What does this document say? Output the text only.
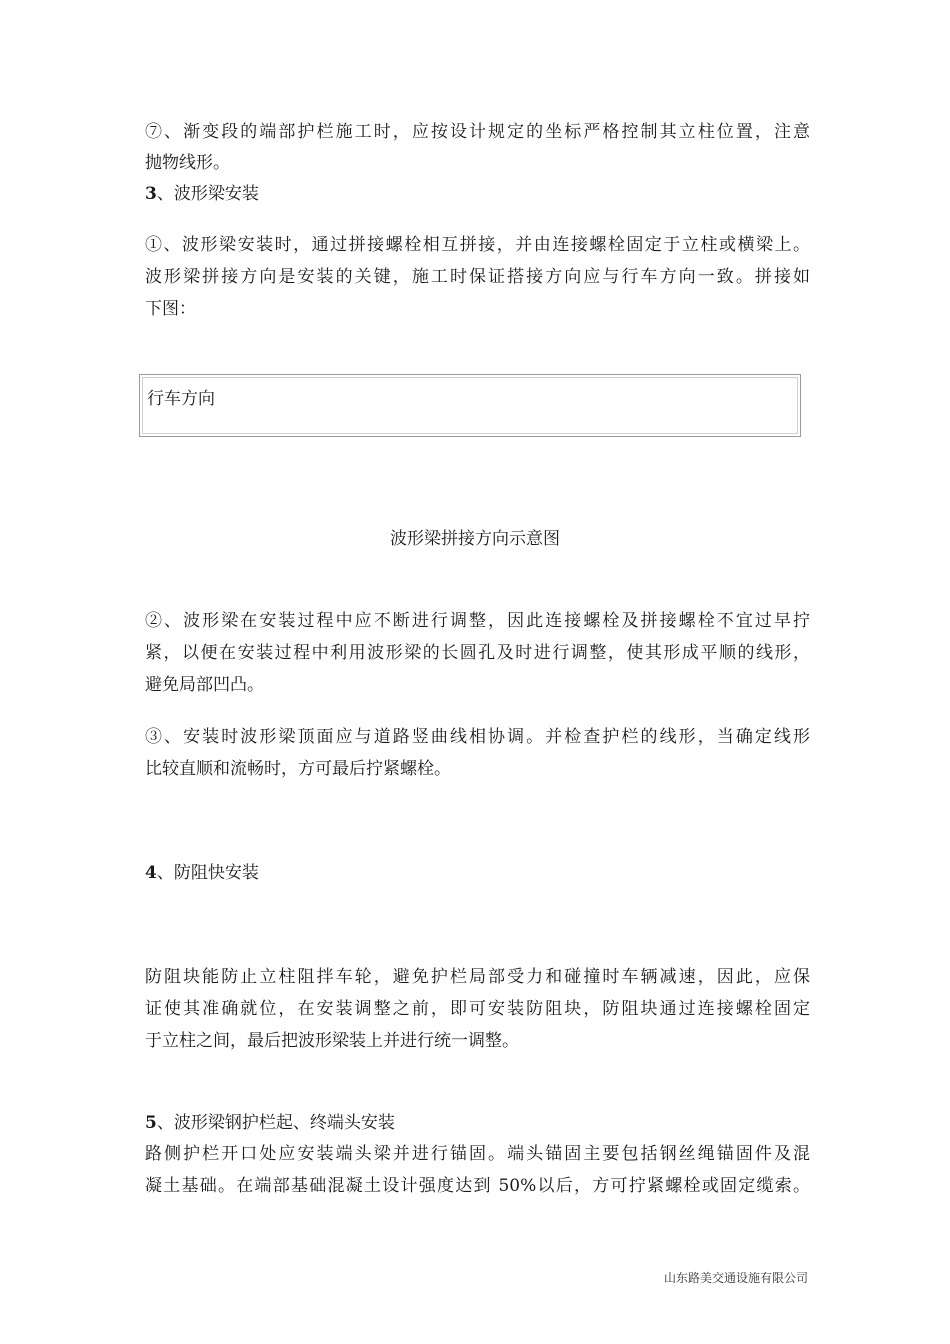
⑦、渐变段的端部护栏施工时，应按设计规定的坐标严格控制其立柱位置，注意
抛物线形。
3、波形梁安装
①、波形梁安装时，通过拼接螺栓相互拼接，并由连接螺栓固定于立柱或横梁上。
波形梁拼接方向是安装的关键，施工时保证搭接方向应与行车方向一致。拼接如
下图：
行车方向
波形梁拼接方向示意图
②、波形梁在安装过程中应不断进行调整，因此连接螺栓及拼接螺栓不宜过早拧
紧，以便在安装过程中利用波形梁的长圆孔及时进行调整，使其形成平顺的线形，
避免局部凹凸。
③、安装时波形梁顶面应与道路竖曲线相协调。并检查护栏的线形，当确定线形
比较直顺和流畅时，方可最后拧紧螺栓。
4、防阻快安装
防阻块能防止立柱阻拌车轮，避免护栏局部受力和碰撞时车辆减速，因此，应保
证使其准确就位，在安装调整之前，即可安装防阻块，防阻块通过连接螺栓固定
于立柱之间，最后把波形梁装上并进行统一调整。
5、波形梁钢护栏起、终端头安装
路侧护栏开口处应安装端头梁并进行锚固。端头锚固主要包括钢丝绳锚固件及混
凝土基础。在端部基础混凝土设计强度达到 50%以后，方可拧紧螺栓或固定缆索。
山东路美交通设施有限公司
